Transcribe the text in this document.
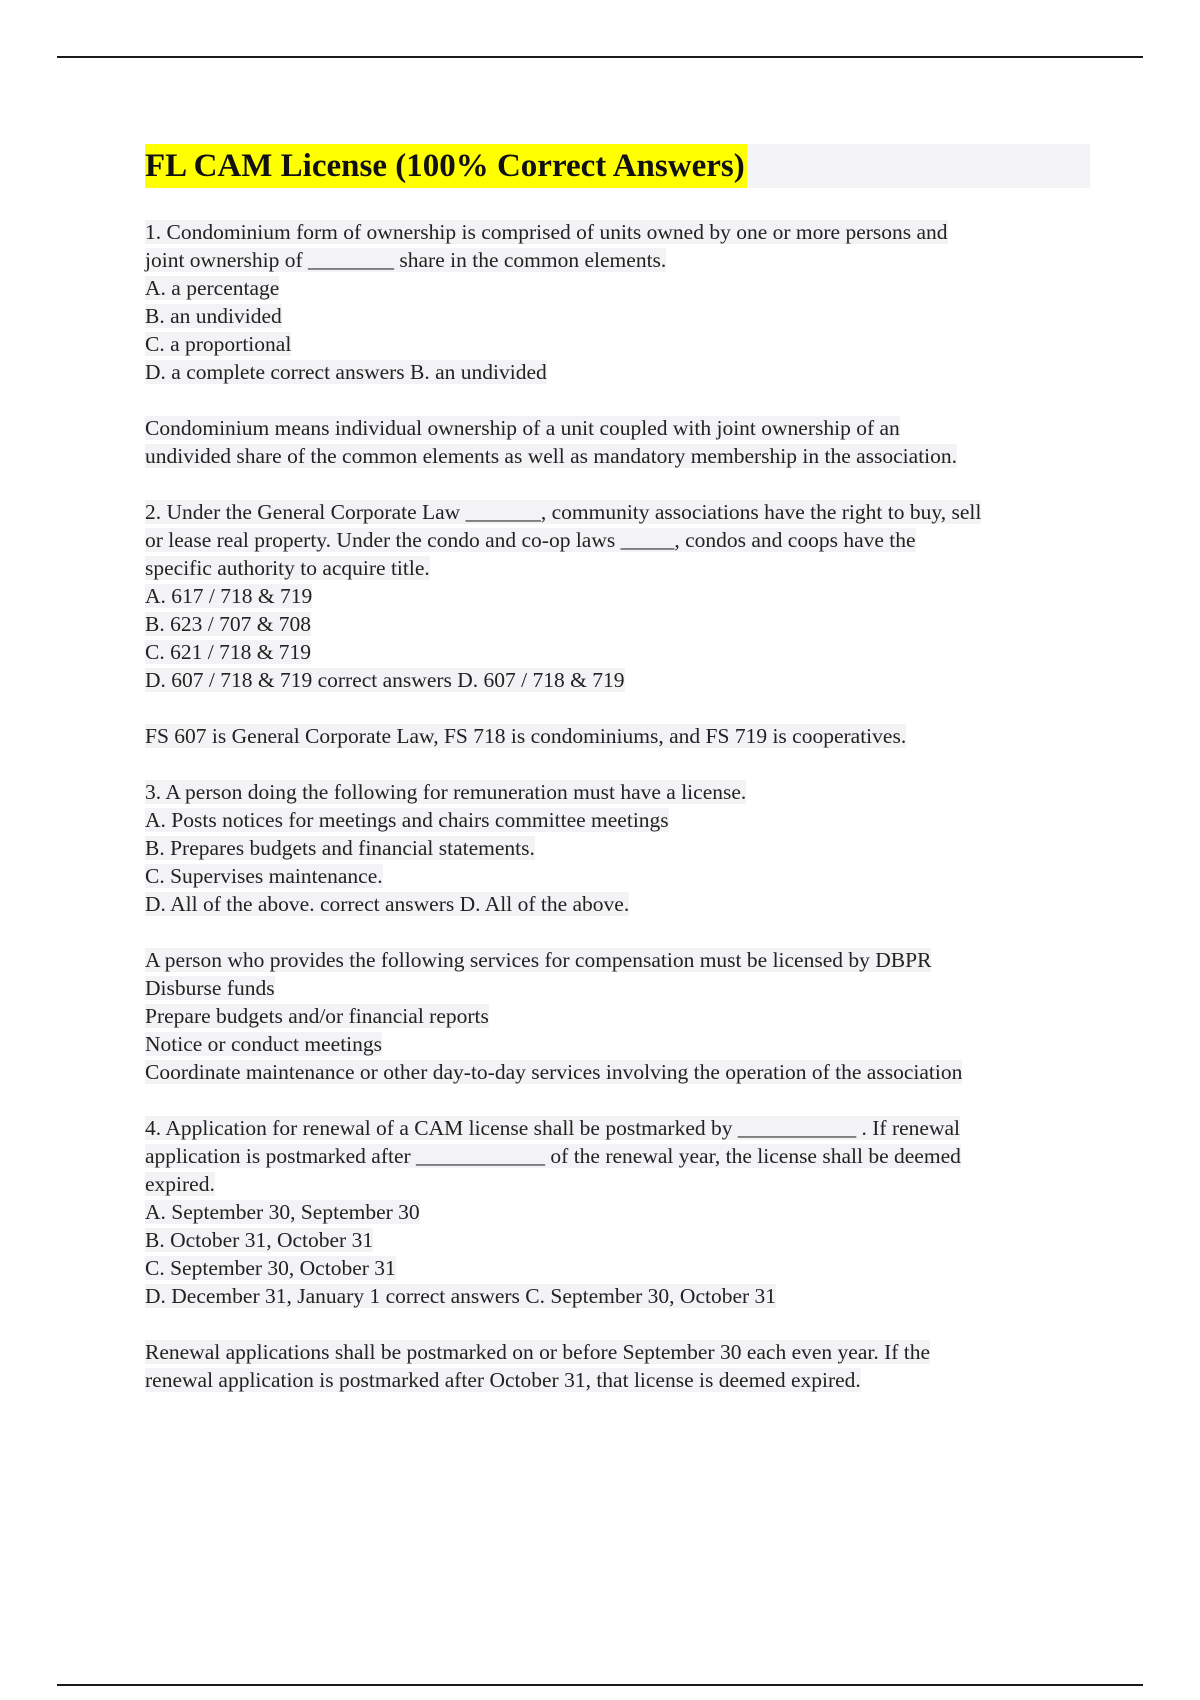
FL CAM License (100% Correct Answers)
1. Condominium form of ownership is comprised of units owned by one or more persons and
joint ownership of ________ share in the common elements.
A. a percentage
B. an undivided
C. a proportional
D. a complete correct answers B. an undivided
Condominium means individual ownership of a unit coupled with joint ownership of an
undivided share of the common elements as well as mandatory membership in the association.
2. Under the General Corporate Law _______, community associations have the right to buy, sell
or lease real property. Under the condo and co-op laws _____, condos and coops have the
specific authority to acquire title.
A. 617 / 718 & 719
B. 623 / 707 & 708
C. 621 / 718 & 719
D. 607 / 718 & 719 correct answers D. 607 / 718 & 719
FS 607 is General Corporate Law, FS 718 is condominiums, and FS 719 is cooperatives.
3. A person doing the following for remuneration must have a license.
A. Posts notices for meetings and chairs committee meetings
B. Prepares budgets and financial statements.
C. Supervises maintenance.
D. All of the above. correct answers D. All of the above.
A person who provides the following services for compensation must be licensed by DBPR
Disburse funds
Prepare budgets and/or financial reports
Notice or conduct meetings
Coordinate maintenance or other day-to-day services involving the operation of the association
4. Application for renewal of a CAM license shall be postmarked by ___________ . If renewal
application is postmarked after ____________ of the renewal year, the license shall be deemed
expired.
A. September 30, September 30
B. October 31, October 31
C. September 30, October 31
D. December 31, January 1 correct answers C. September 30, October 31
Renewal applications shall be postmarked on or before September 30 each even year. If the
renewal application is postmarked after October 31, that license is deemed expired.
